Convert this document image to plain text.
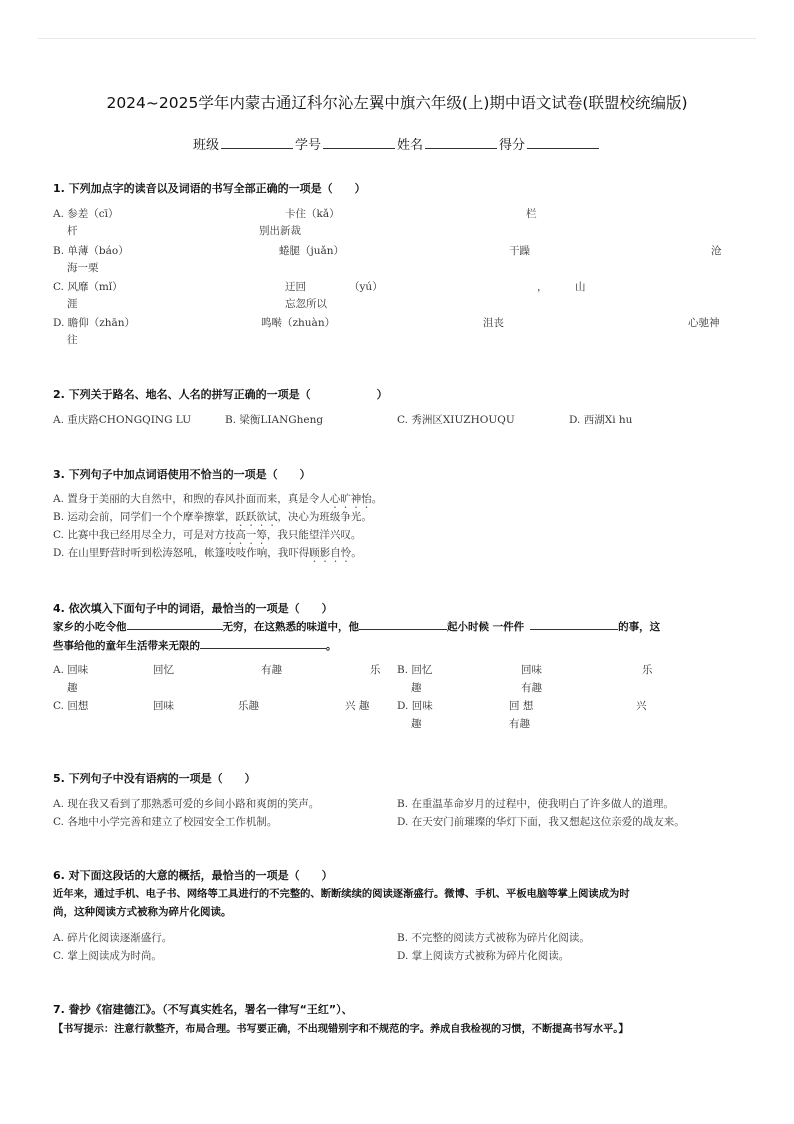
2024~2025学年内蒙古通辽科尔沁左翼中旗六年级(上)期中语文试卷(联盟校统编版)
班级	学号	姓名	得分
1. 下列加点字的读音以及词语的书写全部正确的一项是（　　）
A. 参差（cī）	卡住（kǎ）	栏
杆	别出新裁
B. 单薄（báo）	蜷腿（juǎn）	干躁	沧
海一栗
C. 风靡（mǐ）	迂回	（yú）	，	山
涯	忘忽所以
D. 瞻仰（zhān）	鸣啭（zhuàn）	沮丧	心驰神
往
2. 下列关于路名、地名、人名的拼写正确的一项是（　　　　　　）
A. 重庆路CHONGQING LU	B. 梁衡LIANGheng	C. 秀洲区XIUZHOUQU	D. 西湖Xi hu
3. 下列句子中加点词语使用不恰当的一项是（　　）
A. 置身于美丽的大自然中，和煦的春风扑面而来，真是令人心旷神怡。
B. 运动会前，同学们一个个摩拳擦掌，跃跃欲试，决心为班级争光。
C. 比赛中我已经用尽全力，可是对方技高一筹，我只能望洋兴叹。
D. 在山里野营时听到松涛怒吼，帐篷吱吱作响，我吓得顾影自怜。
4. 依次填入下面句子中的词语，最恰当的一项是（　　）
家乡的小吃令他	无穷，在这熟悉的味道中，他	起小时候 一件件	的事，这
些事给他的童年生活带来无限的	。
A. 回味	回忆	有趣	乐
趣
B. 回忆	回味	乐
趣	有趣
C. 回想	回味	乐趣	兴 趣	D. 回味	回 想	兴
趣	有趣
5. 下列句子中没有语病的一项是（　　）
A. 现在我又看到了那熟悉可爱的乡间小路和爽朗的笑声。	B. 在重温革命岁月的过程中，使我明白了许多做人的道理。
C. 各地中小学完善和建立了校园安全工作机制。	D. 在天安门前璀璨的华灯下面，我又想起这位亲爱的战友来。
6. 对下面这段话的大意的概括，最恰当的一项是（　　）
近年来，通过手机、电子书、网络等工具进行的不完整的、断断续续的阅读逐渐盛行。微博、手机、平板电脑等掌上阅读成为时
尚，这种阅读方式被称为碎片化阅读。
A. 碎片化阅读逐渐盛行。	B. 不完整的阅读方式被称为碎片化阅读。
C. 掌上阅读成为时尚。	D. 掌上阅读方式被称为碎片化阅读。
7. 誊抄《宿建德江》。（不写真实姓名，署名一律写“王红”）、
【书写提示：注意行款整齐，布局合理。书写要正确，不出现错别字和不规范的字。养成自我检视的习惯，不断提高书写水平。】
